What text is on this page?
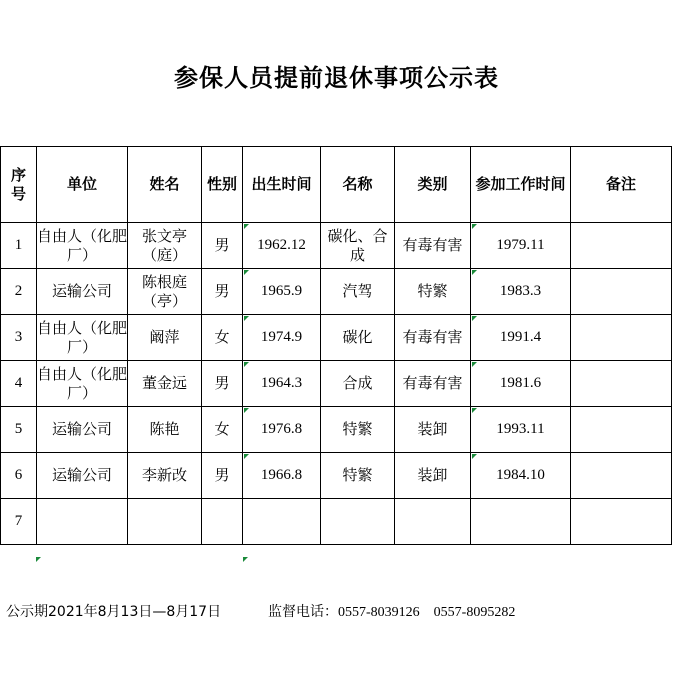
参保人员提前退休事项公示表
序号	单位	姓名	性别	出生时间	名称	类别	参加工作时间	备注
1	自由人（化肥厂）	张文亭（庭）	男	1962.12	碳化、合成	有毒有害	1979.11	
2	运输公司	陈根庭（亭）	男	1965.9	汽驾	特繁	1983.3	
3	自由人（化肥厂）	阚萍	女	1974.9	碳化	有毒有害	1991.4	
4	自由人（化肥厂）	董金远	男	1964.3	合成	有毒有害	1981.6	
5	运输公司	陈艳	女	1976.8	特繁	装卸	1993.11	
6	运输公司	李新改	男	1966.8	特繁	装卸	1984.10	
7								
公示期2021年8月13日—8月17日	监督电话：0557-8039126 0557-8095282
